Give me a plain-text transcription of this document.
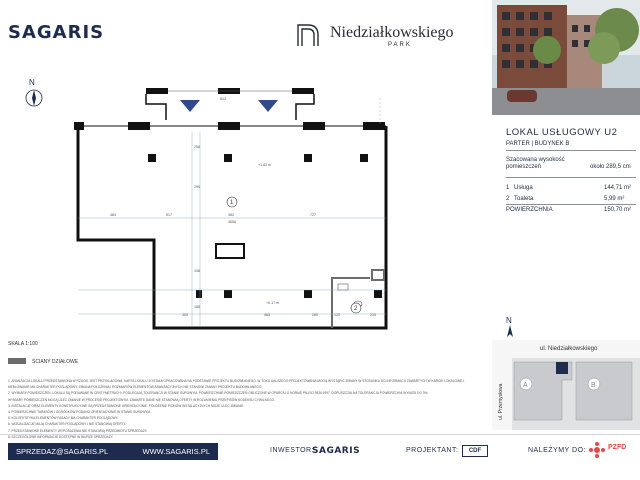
SAGARIS	Niedziałkowskiego
PARK
LOKAL USŁUGOWY U2
PARTER | BUDYNEK B
Szacowana wysokość
pomieszczeń	około 289,5 cm
1 Usługa	144,71 m²
2 Toaleta	5,99 m²
POWIERZCHNIA	150,70 m²
N
813
483	517	382	727
4656
305	465	260	120	215
258
198
185
295
+1.62 m
+0.17 m
1
2
SKALA 1:100
ŚCIANY DZIAŁOWE
1. ARANŻACJA LOKALU PRZEDSTAWIONA W RZUCIE JEST PRZYKŁADOWA. KARTA LOKALU ZOSTAŁA OPRACOWANA NA PODSTAWIE PROJEKTU BUDOWLANEGO. W TOKU DALSZEGO PROJEKTOWANIA MOGĄ WYSTĄPIĆ ZMIANY W STOSUNKU DO INFORMACJI ZAWARTYCH W KARCIE LOKALOWEJ.
MEBLOWANIE MA CHARAKTER POGLĄDOWY. ZMIANA POŁOŻENIA I ROZMIARÓW ELEMENTÓW ARANŻACYJNYCH NIE STANOWI ZMIANY PROJEKTU BUDOWLANEGO.
2. WYMIARY POMIESZCZEŃ, LOKALU SĄ PODAWANE W CENTYMETRACH I PODLEGAJĄ TOLERANCJI W STANIE SUROWYM. POWIERZCHNIE POMIESZCZEŃ OBLICZONE W OPARCIU O NORMĘ PN-ISO 9836:1997. DOPUSZCZALNA TOLERANCJA POWIERZCHNI WYNOSI DO 3%.
WYMIARY POMIESZCZEŃ MOGĄ ULEC ZMIANIE W PROCESIE PROJEKTOWYM. ZAWARTE DANE NIE STANOWIĄ OFERTY W ROZUMIENIU PRZEPISÓW KODEKSU CYWILNEGO.
3. INSTALACJE ORAZ ELEMENTY KONSTRUKCYJNE SĄ PRZEDSTAWIONE ORIENTACYJNIE. POŁOŻENIE PIONÓW INSTALACYJNYCH MOŻE ULEC ZMIANIE.
4. POWIERZCHNIE TARASÓW I OGRÓDKÓW PODANO ORIENTACYJNIE W STANIE SUROWYM.
5. KOLORYSTYKA ELEMENTÓW FASADY MA CHARAKTER POGLĄDOWY.
6. WIZUALIZACJE MAJĄ CHARAKTER POGLĄDOWY I NIE STANOWIĄ OFERTY.
7. PRZEDSTAWIONE ELEMENTY WYPOSAŻENIA NIE STANOWIĄ PRZEDMIOTU SPRZEDAŻY.
8. SZCZEGÓŁOWE INFORMACJE DOSTĘPNE W BIURZE SPRZEDAŻY.
N
A	B
ul. Niedziałkowskiego
ul. Przemysłowa
SPRZEDAZ@SAGARIS.PL	WWW.SAGARIS.PL	INWESTOR:
SAGARIS	PROJEKTANT:	CDF	NALEŻYMY DO:	PZFD
